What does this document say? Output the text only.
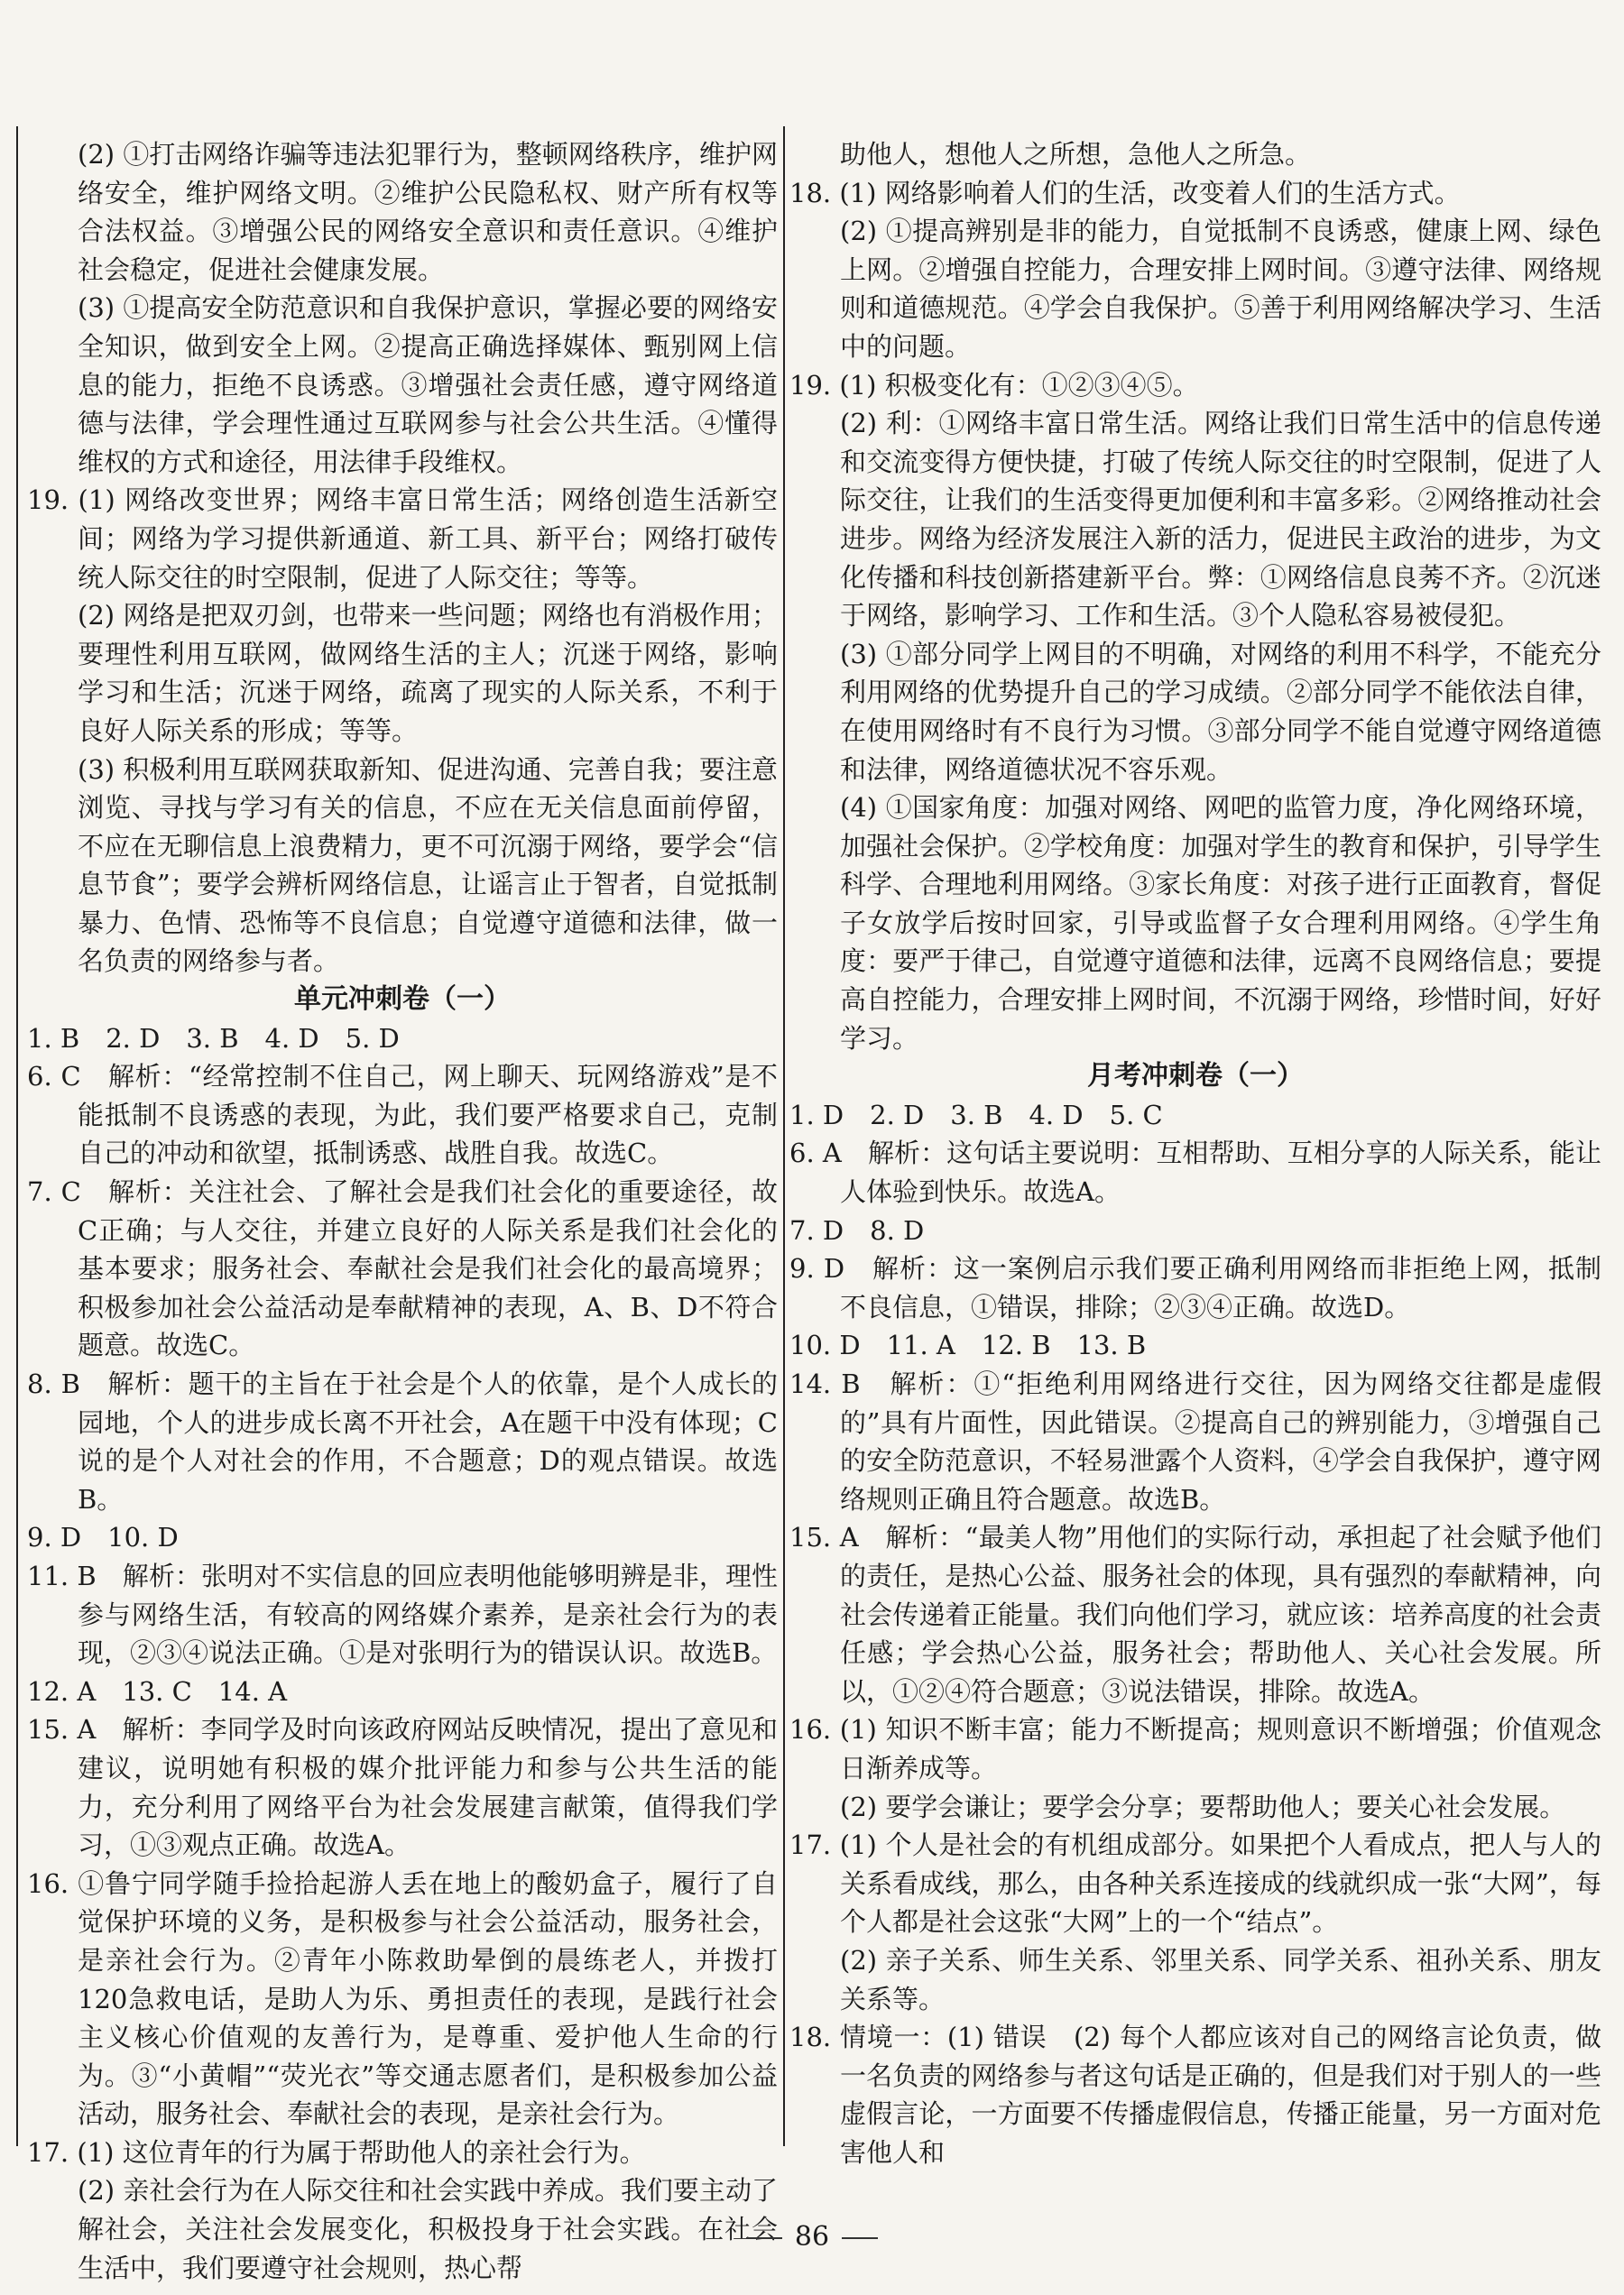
(2) ①打击网络诈骗等违法犯罪行为，整顿网络秩序，维护网络安全，维护网络文明。②维护公民隐私权、财产所有权等合法权益。③增强公民的网络安全意识和责任意识。④维护社会稳定，促进社会健康发展。

(3) ①提高安全防范意识和自我保护意识，掌握必要的网络安全知识，做到安全上网。②提高正确选择媒体、甄别网上信息的能力，拒绝不良诱惑。③增强社会责任感，遵守网络道德与法律，学会理性通过互联网参与社会公共生活。④懂得维权的方式和途径，用法律手段维权。

19. (1) 网络改变世界；网络丰富日常生活；网络创造生活新空间；网络为学习提供新通道、新工具、新平台；网络打破传统人际交往的时空限制，促进了人际交往；等等。

(2) 网络是把双刃剑，也带来一些问题；网络也有消极作用；要理性利用互联网，做网络生活的主人；沉迷于网络，影响学习和生活；沉迷于网络，疏离了现实的人际关系，不利于良好人际关系的形成；等等。

(3) 积极利用互联网获取新知、促进沟通、完善自我；要注意浏览、寻找与学习有关的信息，不应在无关信息面前停留，不应在无聊信息上浪费精力，更不可沉溺于网络，要学会“信息节食”；要学会辨析网络信息，让谣言止于智者，自觉抵制暴力、色情、恐怖等不良信息；自觉遵守道德和法律，做一名负责的网络参与者。

单元冲刺卷（一）

1. B　2. D　3. B　4. D　5. D

6. C　解析：“经常控制不住自己，网上聊天、玩网络游戏”是不能抵制不良诱惑的表现，为此，我们要严格要求自己，克制自己的冲动和欲望，抵制诱惑、战胜自我。故选C。

7. C　解析：关注社会、了解社会是我们社会化的重要途径，故C正确；与人交往，并建立良好的人际关系是我们社会化的基本要求；服务社会、奉献社会是我们社会化的最高境界；积极参加社会公益活动是奉献精神的表现，A、B、D不符合题意。故选C。

8. B　解析：题干的主旨在于社会是个人的依靠，是个人成长的园地，个人的进步成长离不开社会，A在题干中没有体现；C说的是个人对社会的作用，不合题意；D的观点错误。故选B。

9. D　10. D

11. B　解析：张明对不实信息的回应表明他能够明辨是非，理性参与网络生活，有较高的网络媒介素养，是亲社会行为的表现，②③④说法正确。①是对张明行为的错误认识。故选B。

12. A　13. C　14. A

15. A　解析：李同学及时向该政府网站反映情况，提出了意见和建议，说明她有积极的媒介批评能力和参与公共生活的能力，充分利用了网络平台为社会发展建言献策，值得我们学习，①③观点正确。故选A。

16. ①鲁宁同学随手捡拾起游人丢在地上的酸奶盒子，履行了自觉保护环境的义务，是积极参与社会公益活动，服务社会，是亲社会行为。②青年小陈救助晕倒的晨练老人，并拨打120急救电话，是助人为乐、勇担责任的表现，是践行社会主义核心价值观的友善行为，是尊重、爱护他人生命的行为。③“小黄帽”“荧光衣”等交通志愿者们，是积极参加公益活动，服务社会、奉献社会的表现，是亲社会行为。

17. (1) 这位青年的行为属于帮助他人的亲社会行为。

(2) 亲社会行为在人际交往和社会实践中养成。我们要主动了解社会，关注社会发展变化，积极投身于社会实践。在社会生活中，我们要遵守社会规则，热心帮

助他人，想他人之所想，急他人之所急。

18. (1) 网络影响着人们的生活，改变着人们的生活方式。

(2) ①提高辨别是非的能力，自觉抵制不良诱惑，健康上网、绿色上网。②增强自控能力，合理安排上网时间。③遵守法律、网络规则和道德规范。④学会自我保护。⑤善于利用网络解决学习、生活中的问题。

19. (1) 积极变化有：①②③④⑤。

(2) 利：①网络丰富日常生活。网络让我们日常生活中的信息传递和交流变得方便快捷，打破了传统人际交往的时空限制，促进了人际交往，让我们的生活变得更加便利和丰富多彩。②网络推动社会进步。网络为经济发展注入新的活力，促进民主政治的进步，为文化传播和科技创新搭建新平台。弊：①网络信息良莠不齐。②沉迷于网络，影响学习、工作和生活。③个人隐私容易被侵犯。

(3) ①部分同学上网目的不明确，对网络的利用不科学，不能充分利用网络的优势提升自己的学习成绩。②部分同学不能依法自律，在使用网络时有不良行为习惯。③部分同学不能自觉遵守网络道德和法律，网络道德状况不容乐观。

(4) ①国家角度：加强对网络、网吧的监管力度，净化网络环境，加强社会保护。②学校角度：加强对学生的教育和保护，引导学生科学、合理地利用网络。③家长角度：对孩子进行正面教育，督促子女放学后按时回家，引导或监督子女合理利用网络。④学生角度：要严于律己，自觉遵守道德和法律，远离不良网络信息；要提高自控能力，合理安排上网时间，不沉溺于网络，珍惜时间，好好学习。

月考冲刺卷（一）

1. D　2. D　3. B　4. D　5. C

6. A　解析：这句话主要说明：互相帮助、互相分享的人际关系，能让人体验到快乐。故选A。

7. D　8. D

9. D　解析：这一案例启示我们要正确利用网络而非拒绝上网，抵制不良信息，①错误，排除；②③④正确。故选D。

10. D　11. A　12. B　13. B

14. B　解析：①“拒绝利用网络进行交往，因为网络交往都是虚假的”具有片面性，因此错误。②提高自己的辨别能力，③增强自己的安全防范意识，不轻易泄露个人资料，④学会自我保护，遵守网络规则正确且符合题意。故选B。

15. A　解析：“最美人物”用他们的实际行动，承担起了社会赋予他们的责任，是热心公益、服务社会的体现，具有强烈的奉献精神，向社会传递着正能量。我们向他们学习，就应该：培养高度的社会责任感；学会热心公益，服务社会；帮助他人、关心社会发展。所以，①②④符合题意；③说法错误，排除。故选A。

16. (1) 知识不断丰富；能力不断提高；规则意识不断增强；价值观念日渐养成等。

(2) 要学会谦让；要学会分享；要帮助他人；要关心社会发展。

17. (1) 个人是社会的有机组成部分。如果把个人看成点，把人与人的关系看成线，那么，由各种关系连接成的线就织成一张“大网”，每个人都是社会这张“大网”上的一个“结点”。

(2) 亲子关系、师生关系、邻里关系、同学关系、祖孙关系、朋友关系等。

18. 情境一：(1) 错误　(2) 每个人都应该对自己的网络言论负责，做一名负责的网络参与者这句话是正确的，但是我们对于别人的一些虚假言论，一方面要不传播虚假信息，传播正能量，另一方面对危害他人和

86
